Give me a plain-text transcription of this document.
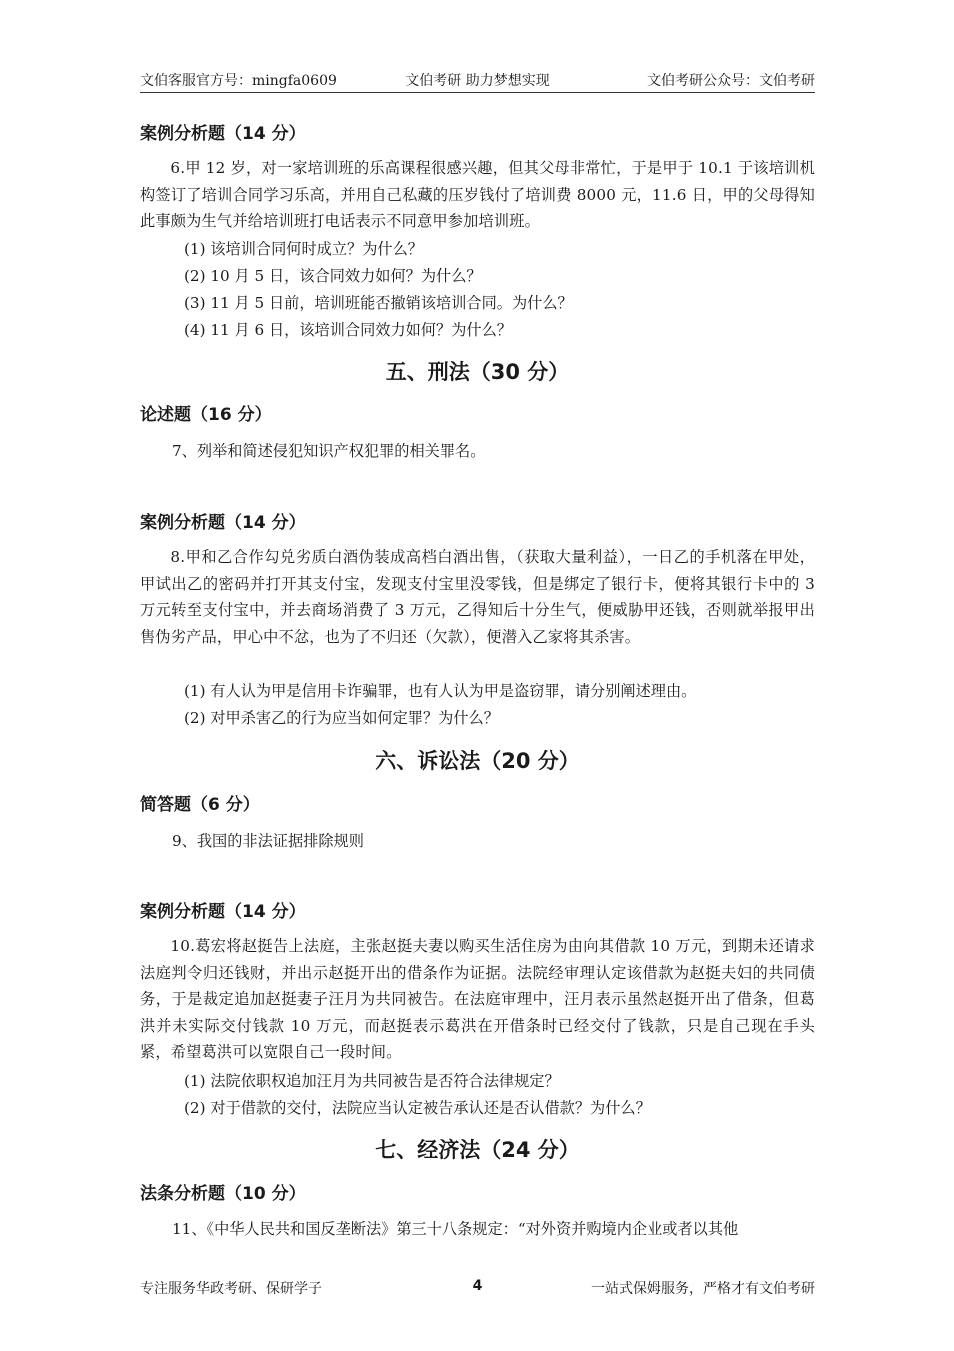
文伯客服官方号：mingfa0609	文伯考研 助力梦想实现	文伯考研公众号：文伯考研
案例分析题（14 分）
6.甲 12 岁，对一家培训班的乐高课程很感兴趣，但其父母非常忙，于是甲于 10.1 于该培训机构签订了培训合同学习乐高，并用自己私藏的压岁钱付了培训费 8000 元，11.6 日，甲的父母得知此事颇为生气并给培训班打电话表示不同意甲参加培训班。
(1) 该培训合同何时成立？为什么？
(2) 10 月 5 日，该合同效力如何？为什么？
(3) 11 月 5 日前，培训班能否撤销该培训合同。为什么？
(4) 11 月 6 日，该培训合同效力如何？为什么？
五、刑法（30 分）
论述题（16 分）
7、列举和简述侵犯知识产权犯罪的相关罪名。
案例分析题（14 分）
8.甲和乙合作勾兑劣质白酒伪装成高档白酒出售，（获取大量利益），一日乙的手机落在甲处，甲试出乙的密码并打开其支付宝，发现支付宝里没零钱，但是绑定了银行卡，便将其银行卡中的 3 万元转至支付宝中，并去商场消费了 3 万元，乙得知后十分生气，便威胁甲还钱，否则就举报甲出售伪劣产品，甲心中不忿，也为了不归还（欠款），便潜入乙家将其杀害。
(1) 有人认为甲是信用卡诈骗罪，也有人认为甲是盗窃罪，请分别阐述理由。
(2) 对甲杀害乙的行为应当如何定罪？为什么？
六、诉讼法（20 分）
简答题（6 分）
9、我国的非法证据排除规则
案例分析题（14 分）
10.葛宏将赵挺告上法庭，主张赵挺夫妻以购买生活住房为由向其借款 10 万元，到期未还请求法庭判令归还钱财，并出示赵挺开出的借条作为证据。法院经审理认定该借款为赵挺夫妇的共同债务，于是裁定追加赵挺妻子汪月为共同被告。在法庭审理中，汪月表示虽然赵挺开出了借条，但葛洪并未实际交付钱款 10 万元，而赵挺表示葛洪在开借条时已经交付了钱款，只是自己现在手头紧，希望葛洪可以宽限自己一段时间。
(1) 法院依职权追加汪月为共同被告是否符合法律规定？
(2) 对于借款的交付，法院应当认定被告承认还是否认借款？为什么？
七、经济法（24 分）
法条分析题（10 分）
11、《中华人民共和国反垄断法》第三十八条规定：“对外资并购境内企业或者以其他
专注服务华政考研、保研学子	4	一站式保姆服务，严格才有文伯考研
